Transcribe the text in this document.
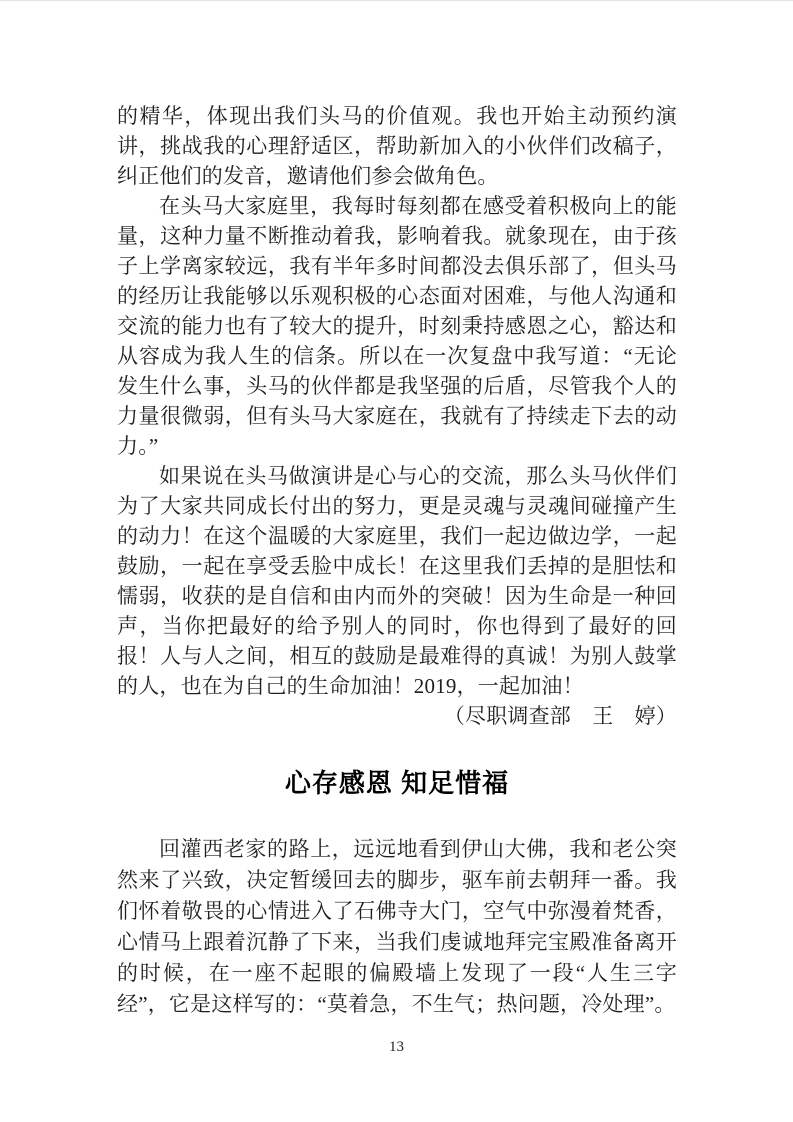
的精华，体现出我们头马的价值观。我也开始主动预约演讲，挑战我的心理舒适区，帮助新加入的小伙伴们改稿子，纠正他们的发音，邀请他们参会做角色。

在头马大家庭里，我每时每刻都在感受着积极向上的能量，这种力量不断推动着我，影响着我。就象现在，由于孩子上学离家较远，我有半年多时间都没去俱乐部了，但头马的经历让我能够以乐观积极的心态面对困难，与他人沟通和交流的能力也有了较大的提升，时刻秉持感恩之心，豁达和从容成为我人生的信条。所以在一次复盘中我写道：“无论发生什么事，头马的伙伴都是我坚强的后盾，尽管我个人的力量很微弱，但有头马大家庭在，我就有了持续走下去的动力。”

如果说在头马做演讲是心与心的交流，那么头马伙伴们为了大家共同成长付出的努力，更是灵魂与灵魂间碰撞产生的动力！在这个温暖的大家庭里，我们一起边做边学，一起鼓励，一起在享受丢脸中成长！在这里我们丢掉的是胆怯和懦弱，收获的是自信和由内而外的突破！因为生命是一种回声，当你把最好的给予别人的同时，你也得到了最好的回报！人与人之间，相互的鼓励是最难得的真诚！为别人鼓掌的人，也在为自己的生命加油！2019，一起加油！

（尽职调查部　王　婷）

心存感恩 知足惜福

回灌西老家的路上，远远地看到伊山大佛，我和老公突然来了兴致，决定暂缓回去的脚步，驱车前去朝拜一番。我们怀着敬畏的心情进入了石佛寺大门，空气中弥漫着梵香，心情马上跟着沉静了下来，当我们虔诚地拜完宝殿准备离开的时候，在一座不起眼的偏殿墙上发现了一段“人生三字经”，它是这样写的：“莫着急，不生气；热问题，冷处理”。

13
